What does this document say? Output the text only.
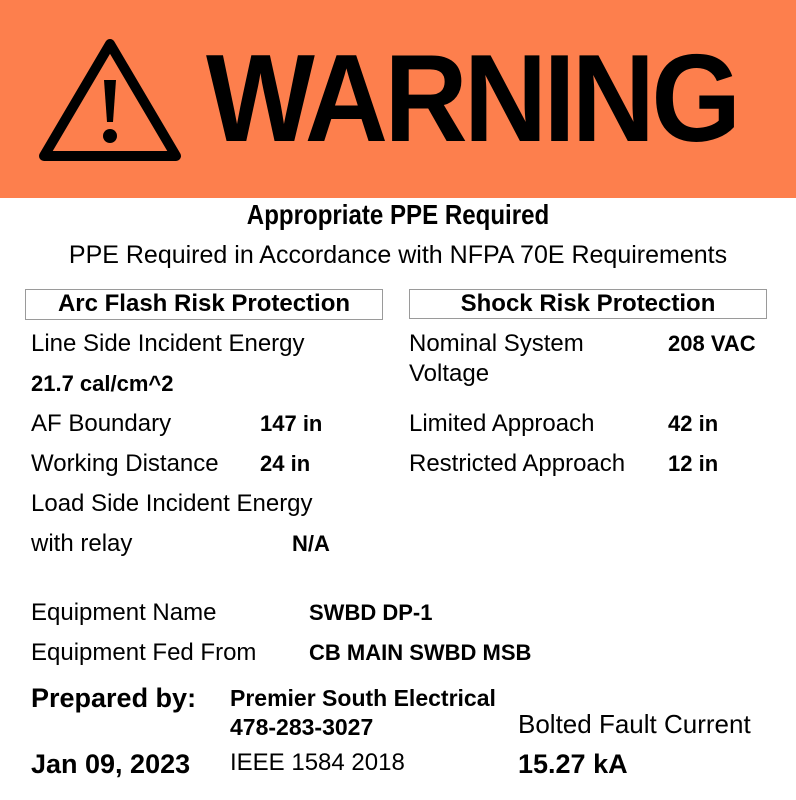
WARNING
Appropriate PPE Required
PPE Required in Accordance with NFPA 70E Requirements
Arc Flash Risk Protection
Line Side Incident Energy
21.7 cal/cm^2
AF Boundary	147 in
Working Distance 24 in
Load Side Incident Energy
with relay	N/A
Shock Risk Protection
Nominal System
Voltage
208 VAC
Limited Approach	42 in
Restricted Approach 12 in
Equipment Name	SWBD DP-1
Equipment Fed From CB MAIN SWBD MSB
Prepared by: Premier South Electrical
478-283-3027
Jan 09, 2023 IEEE 1584 2018
Bolted Fault Current
15.27 kA
